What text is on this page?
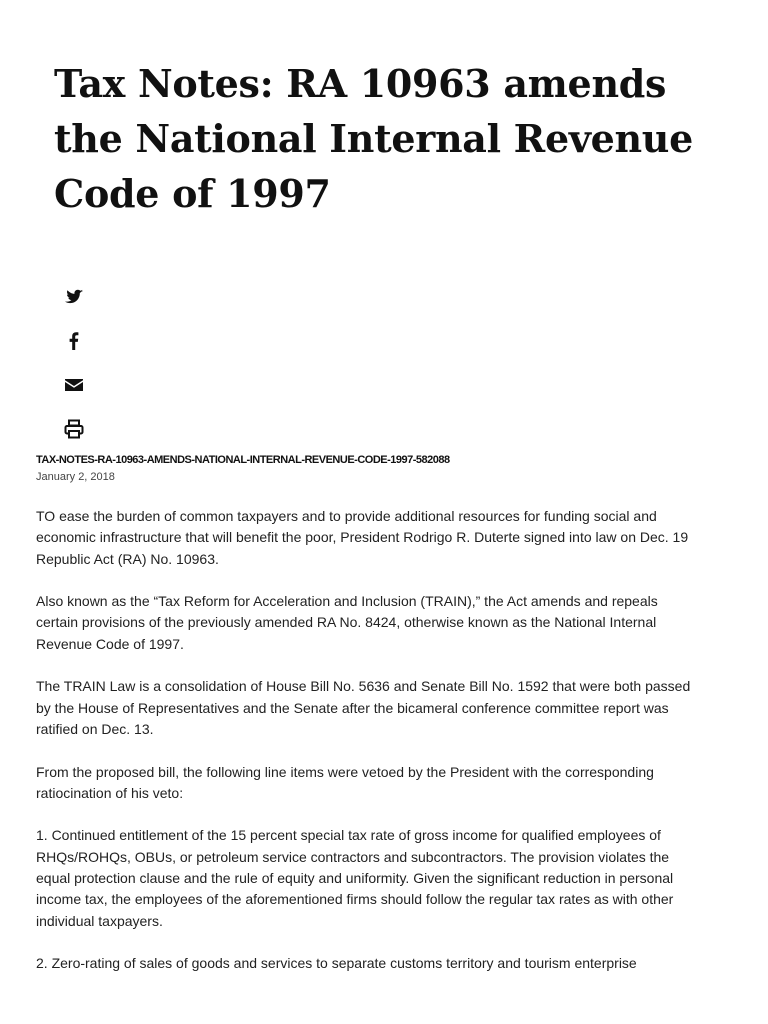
Tax Notes: RA 10963 amends the National Internal Revenue Code of 1997

TAX-NOTES-RA-10963-AMENDS-NATIONAL-INTERNAL-REVENUE-CODE-1997-582088

January 2, 2018

TO ease the burden of common taxpayers and to provide additional resources for funding social and economic infrastructure that will benefit the poor, President Rodrigo R. Duterte signed into law on Dec. 19 Republic Act (RA) No. 10963.

Also known as the “Tax Reform for Acceleration and Inclusion (TRAIN),” the Act amends and repeals certain provisions of the previously amended RA No. 8424, otherwise known as the National Internal Revenue Code of 1997.

The TRAIN Law is a consolidation of House Bill No. 5636 and Senate Bill No. 1592 that were both passed by the House of Representatives and the Senate after the bicameral conference committee report was ratified on Dec. 13.

From the proposed bill, the following line items were vetoed by the President with the corresponding ratiocination of his veto:

1. Continued entitlement of the 15 percent special tax rate of gross income for qualified employees of RHQs/ROHQs, OBUs, or petroleum service contractors and subcontractors. The provision violates the equal protection clause and the rule of equity and uniformity. Given the significant reduction in personal income tax, the employees of the aforementioned firms should follow the regular tax rates as with other individual taxpayers.

2. Zero-rating of sales of goods and services to separate customs territory and tourism enterprise
